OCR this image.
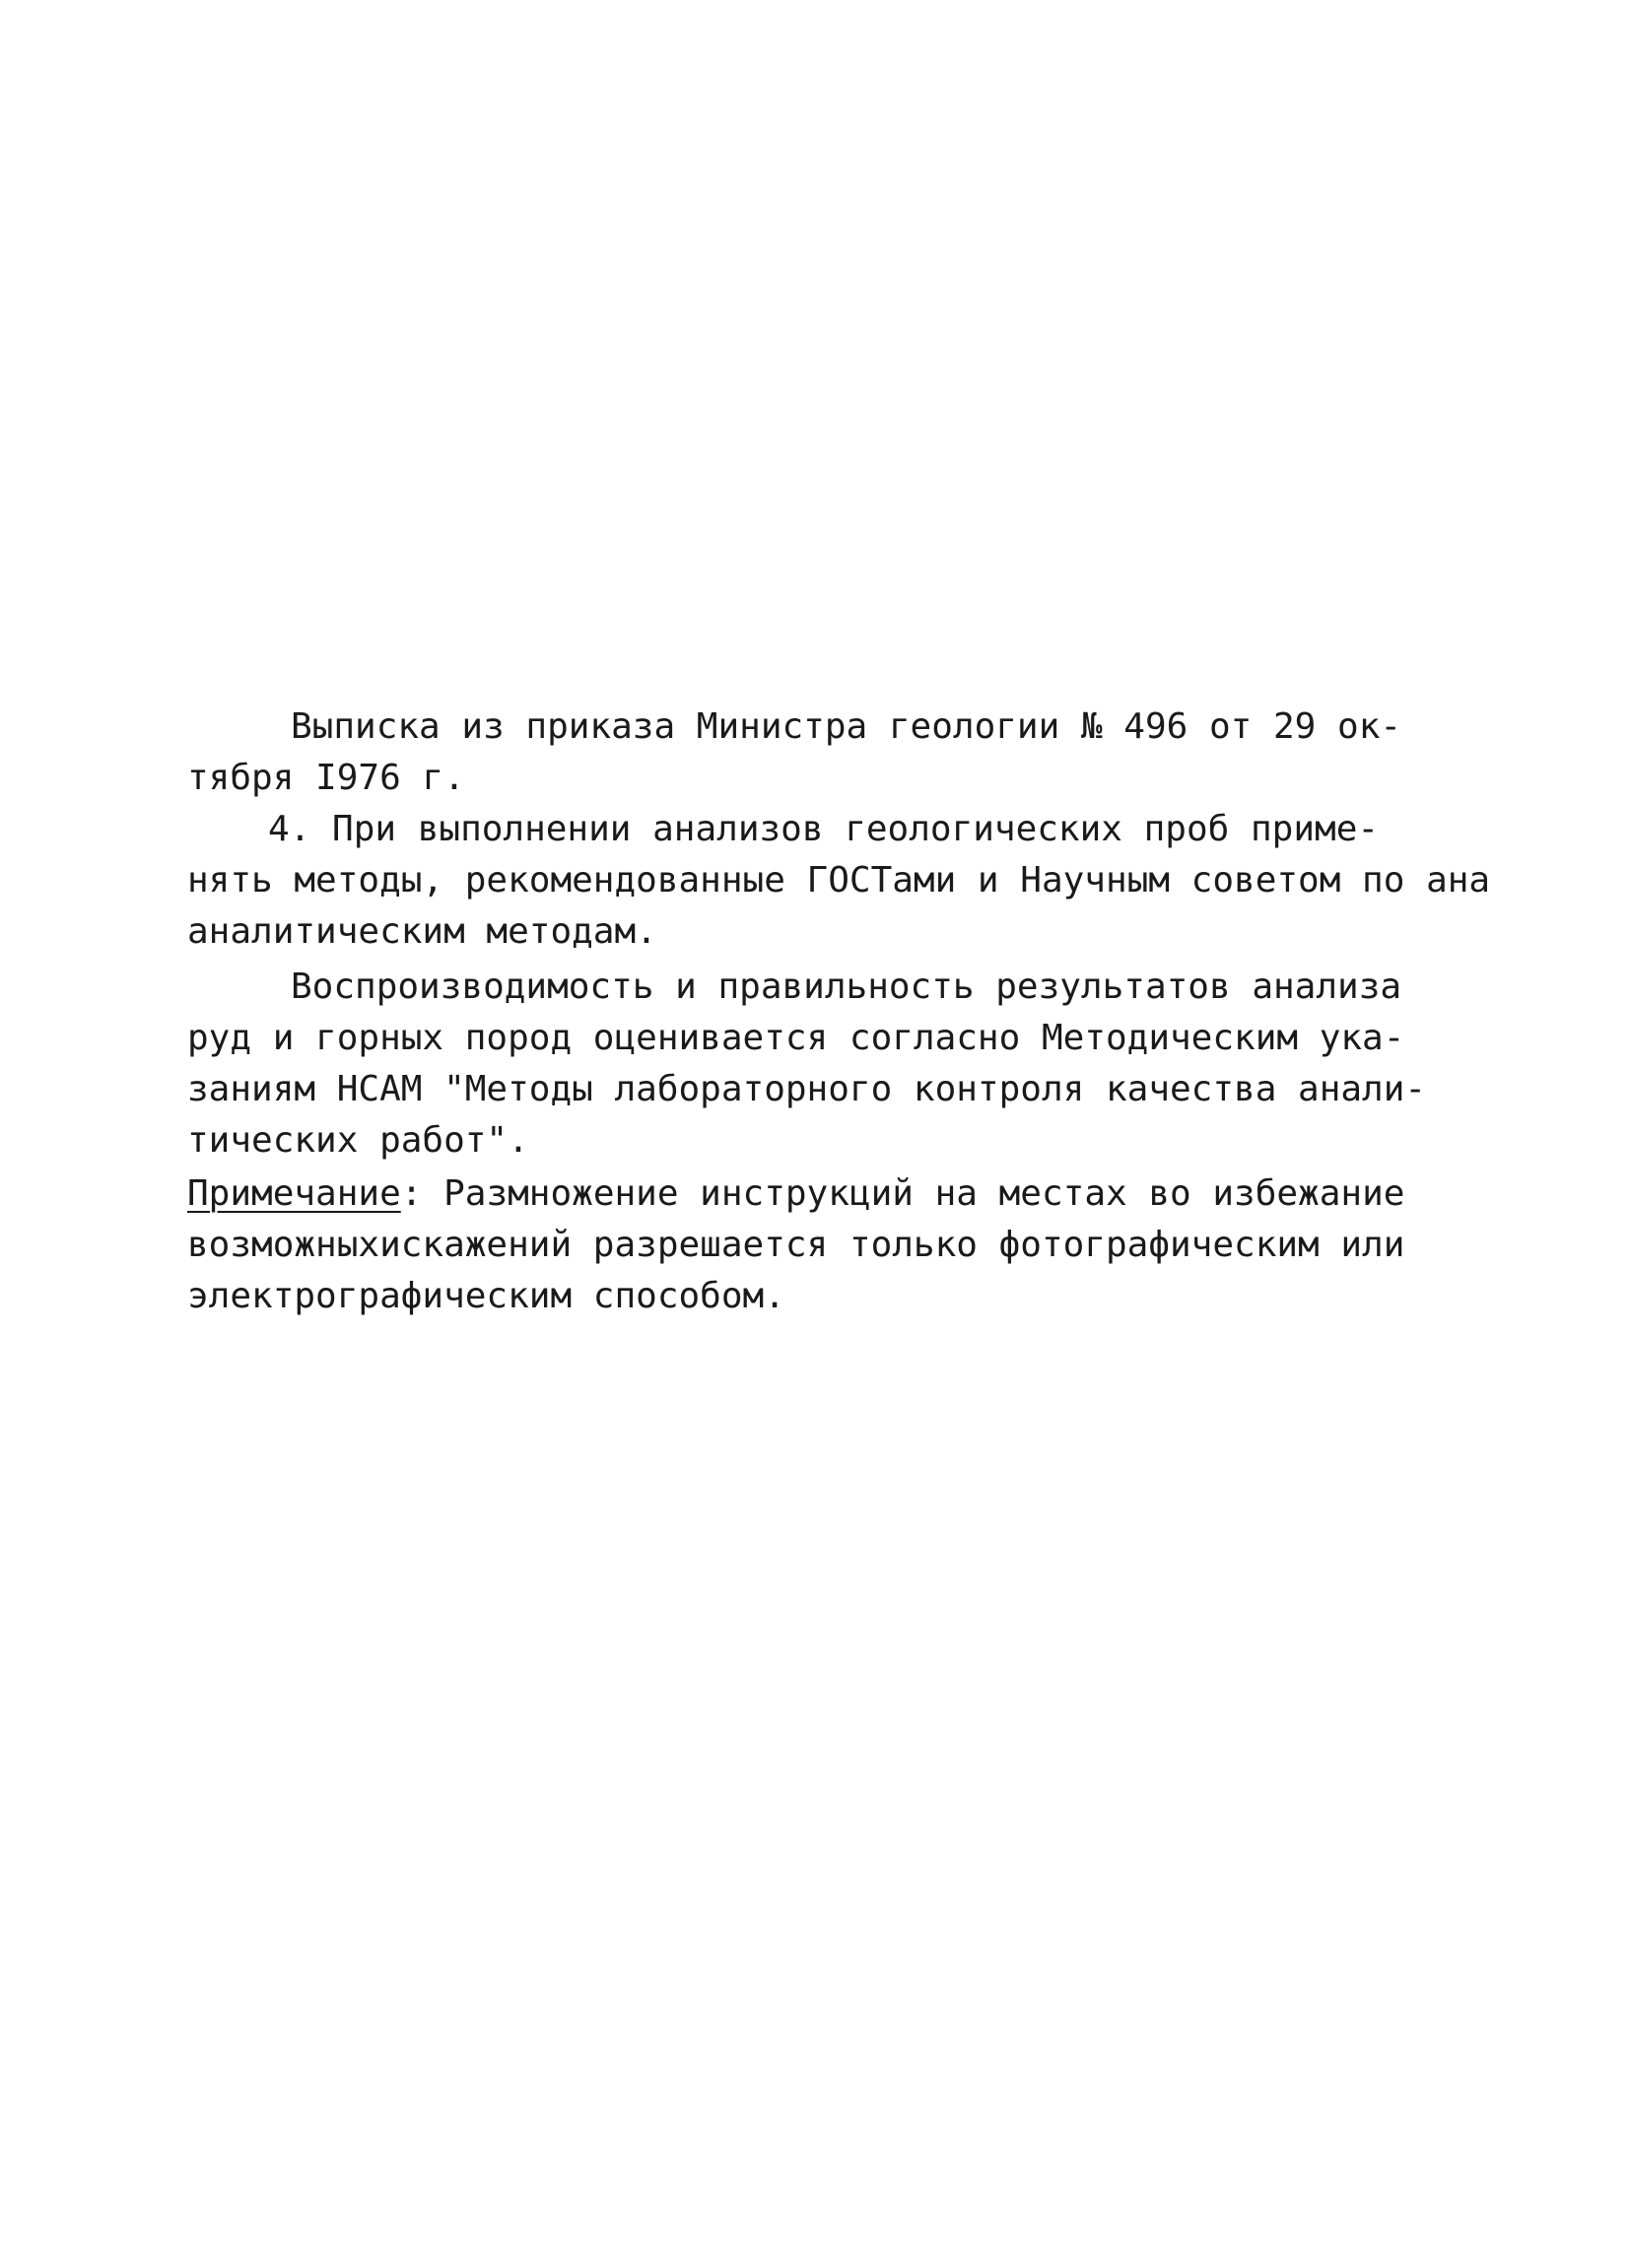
Выписка из приказа Министра геологии № 496 от 29 ок-
тября I976 г.
4. При выполнении анализов геологических проб приме-
нять методы, рекомендованные ГОСТами и Научным советом по ана
аналитическим методам.
Воспроизводимость и правильность результатов анализа
руд и горных пород оценивается согласно Методическим ука-
заниям НСАМ "Методы лабораторного контроля качества анали-
тических работ".
Примечание: Размножение инструкций на местах во избежание
возможныхискажений разрешается только фотографическим или
электрографическим способом.
